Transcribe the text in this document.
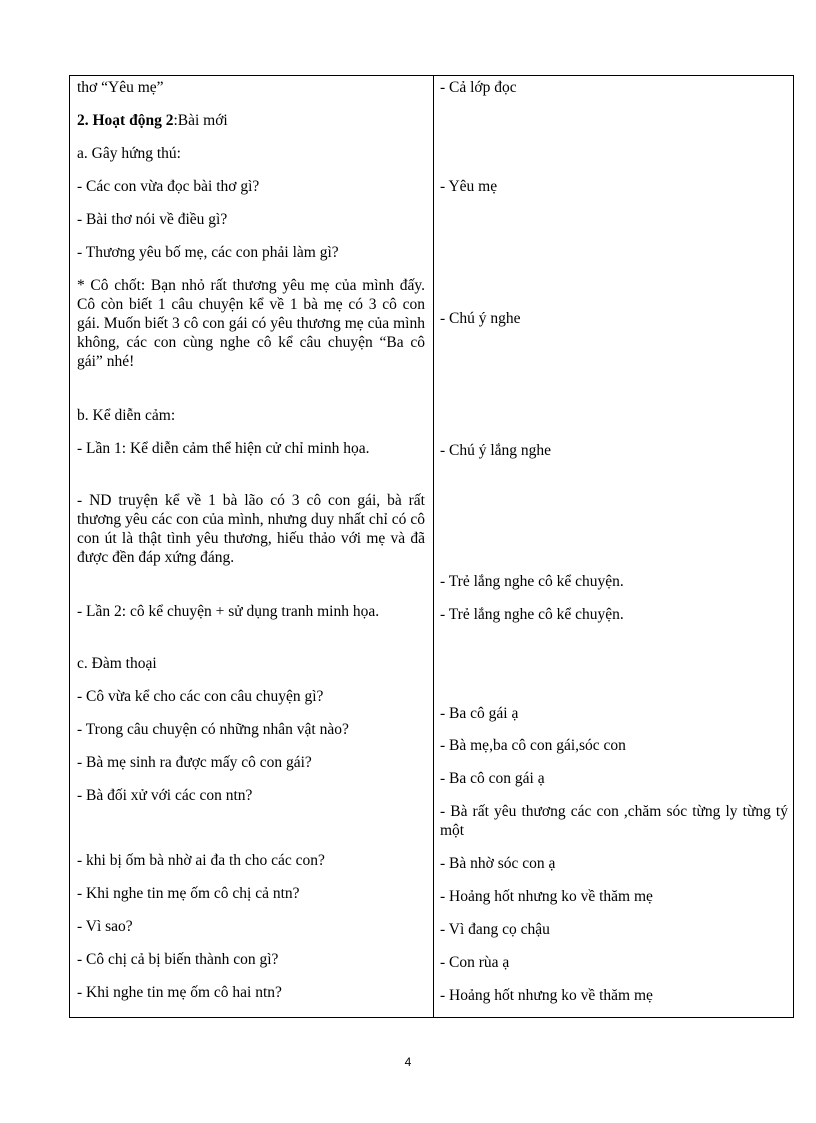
thơ “Yêu mẹ”

2. Hoạt động 2:Bài mới

a. Gây hứng thú:

- Các con vừa đọc bài thơ gì?

- Bài thơ nói về điều gì?

- Thương yêu bố mẹ, các con phải làm gì?

* Cô chốt: Bạn nhỏ rất thương yêu mẹ của mình đấy. Cô còn biết 1 câu chuyện kể về 1 bà mẹ có 3 cô con gái. Muốn biết 3 cô con gái có yêu thương mẹ của mình không, các con cùng nghe cô kể câu chuyện “Ba cô gái” nhé!

b. Kể diễn cảm:

- Lần 1: Kể diễn cảm thể hiện cử chỉ minh họa.

- ND truyện kể về 1 bà lão có 3 cô con gái, bà rất thương yêu các con của mình, nhưng duy nhất chỉ có cô con út là thật tình yêu thương, hiếu thảo với mẹ và đã được đền đáp xứng đáng.

- Lần 2: cô kể chuyện + sử dụng tranh minh họa.

c. Đàm thoại

- Cô vừa kể cho các con câu chuyện gì?

- Trong câu chuyện có những nhân vật nào?

- Bà mẹ sinh ra được mấy cô con gái?

- Bà đối xử với các con ntn?

- khi bị ốm bà nhờ ai đa th cho các con?

- Khi nghe tin mẹ ốm cô chị cả ntn?

- Vì sao?

- Cô chị cả bị biến thành con gì?

- Khi nghe tin mẹ ốm cô hai ntn?

- Cả lớp đọc

- Yêu mẹ

- Chú ý nghe

- Chú ý lắng nghe

- Trẻ lắng nghe cô kể chuyện.

- Trẻ lắng nghe cô kể chuyện.

- Ba cô gái ạ

- Bà mẹ,ba cô con gái,sóc con

- Ba cô con gái ạ

- Bà rất yêu thương các con ,chăm sóc từng ly từng tý một

- Bà nhờ sóc con ạ

- Hoảng hốt nhưng ko về thăm mẹ

- Vì đang cọ chậu

- Con rùa ạ

- Hoảng hốt nhưng ko về thăm mẹ

4
